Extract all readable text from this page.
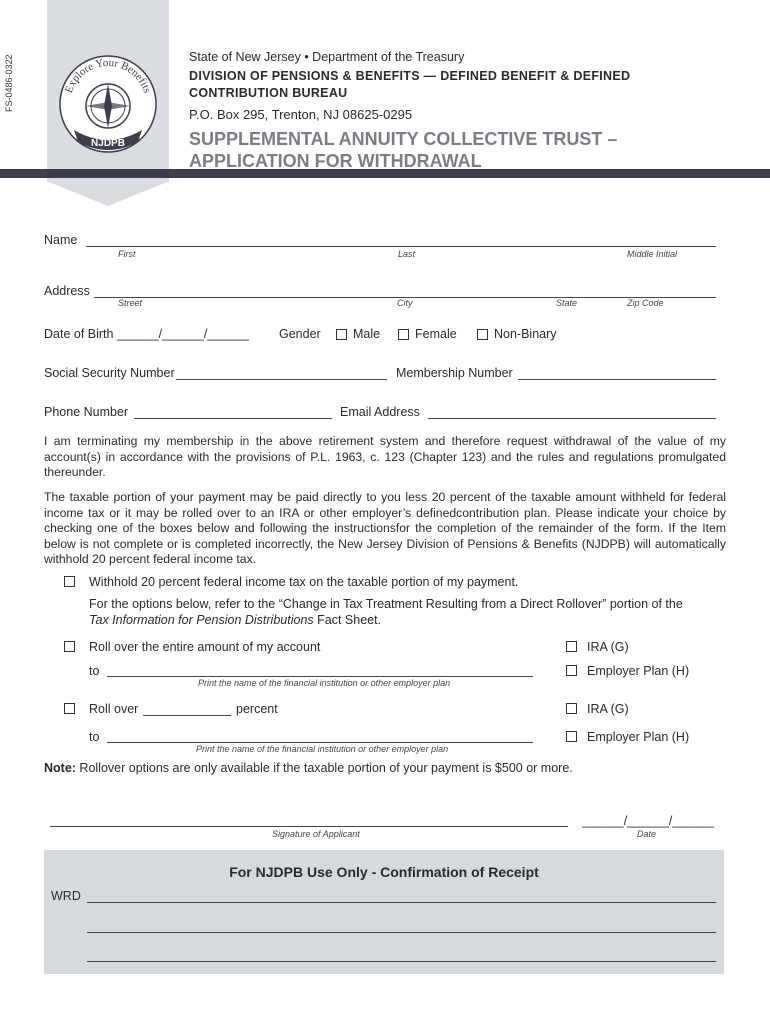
FS-0486-0322	Explore Your Benefits
NJDPB
State of New Jersey • Department of the Treasury
DIVISION OF PENSIONS & BENEFITS — DEFINED BENEFIT & DEFINED
CONTRIBUTION BUREAU
P.O. Box 295, Trenton, NJ 08625-0295
SUPPLEMENTAL ANNUITY COLLECTIVE TRUST –
APPLICATION FOR WITHDRAWAL
Name
First	Last	Middle Initial
Address
Street	City	State	Zip Code
Date of Birth ______/______/______ Gender	Male	Female	Non-Binary
Social Security Number	Membership Number
Phone Number	Email Address
I am terminating my membership in the above retirement system and therefore request withdrawal of the value of my account(s) in accordance with the provisions of P.L. 1963, c. 123 (Chapter 123) and the rules and regulations promulgated thereunder.
The taxable portion of your payment may be paid directly to you less 20 percent of the taxable amount withheld for federal income tax or it may be rolled over to an IRA or other employer’s definedcontribution plan. Please indicate your choice by checking one of the boxes below and following the instructionsfor the completion of the remainder of the form. If the Item below is not complete or is completed incorrectly, the New Jersey Division of Pensions & Benefits (NJDPB) will automatically withhold 20 percent federal income tax.
Withhold 20 percent federal income tax on the taxable portion of my payment.
For the options below, refer to the “Change in Tax Treatment Resulting from a Direct Rollover” portion of the
Tax Information for Pension Distributions Fact Sheet.
Roll over the entire amount of my account	IRA (G)
to
Print the name of the financial institution or other employer plan
Employer Plan (H)
Roll over	percent	IRA (G)
to
Print the name of the financial institution or other employer plan
Employer Plan (H)
Note: Rollover options are only available if the taxable portion of your payment is $500 or more.
Signature of Applicant
______/______/______
Date
For NJDPB Use Only - Confirmation of Receipt
WRD
